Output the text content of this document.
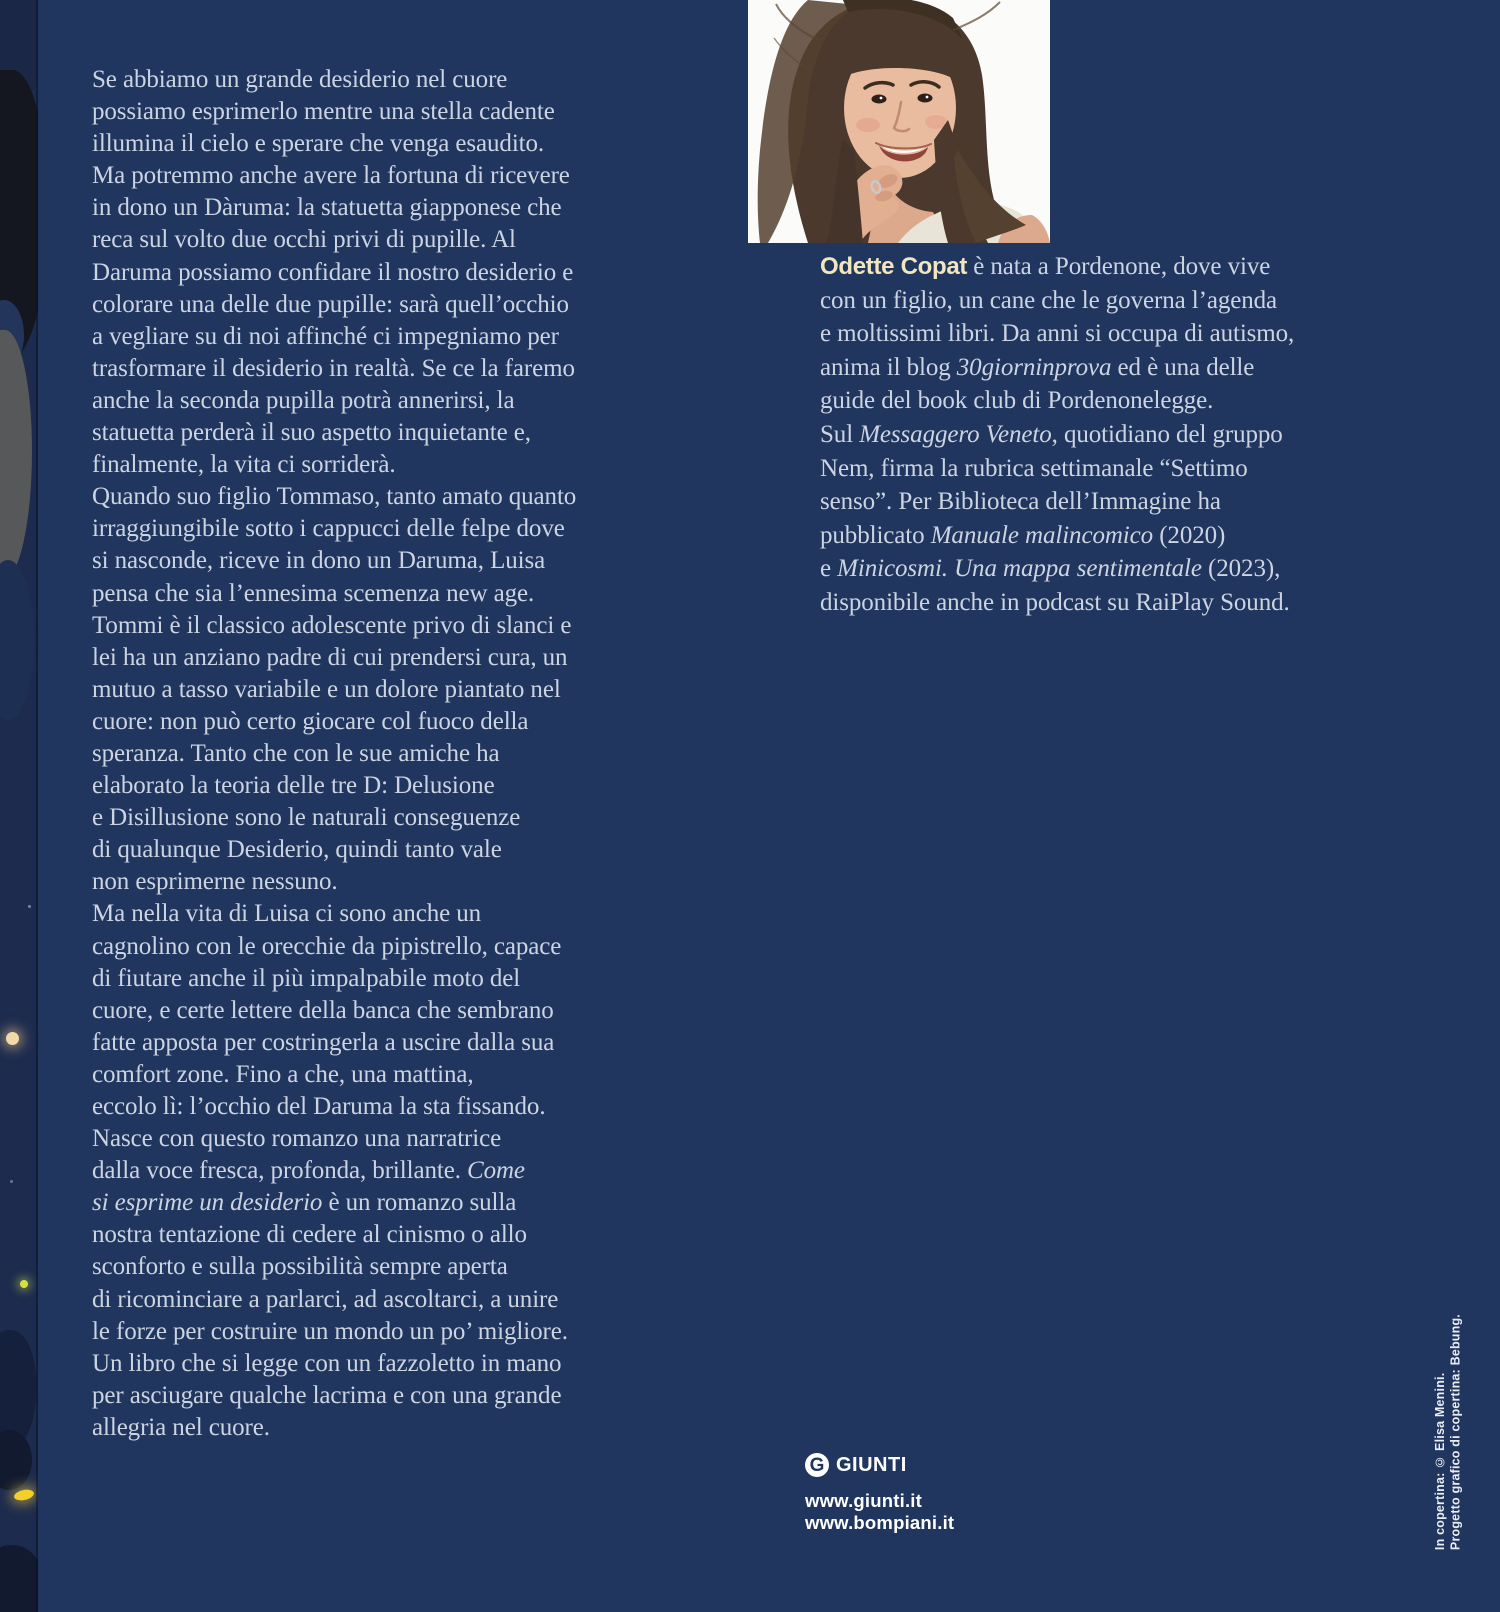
Se abbiamo un grande desiderio nel cuore
possiamo esprimerlo mentre una stella cadente
illumina il cielo e sperare che venga esaudito.
Ma potremmo anche avere la fortuna di ricevere
in dono un Dàruma: la statuetta giapponese che
reca sul volto due occhi privi di pupille. Al
Daruma possiamo confidare il nostro desiderio e
colorare una delle due pupille: sarà quell’occhio
a vegliare su di noi affinché ci impegniamo per
trasformare il desiderio in realtà. Se ce la faremo
anche la seconda pupilla potrà annerirsi, la
statuetta perderà il suo aspetto inquietante e,
finalmente, la vita ci sorriderà.
Quando suo figlio Tommaso, tanto amato quanto
irraggiungibile sotto i cappucci delle felpe dove
si nasconde, riceve in dono un Daruma, Luisa
pensa che sia l’ennesima scemenza new age.
Tommi è il classico adolescente privo di slanci e
lei ha un anziano padre di cui prendersi cura, un
mutuo a tasso variabile e un dolore piantato nel
cuore: non può certo giocare col fuoco della
speranza. Tanto che con le sue amiche ha
elaborato la teoria delle tre D: Delusione
e Disillusione sono le naturali conseguenze
di qualunque Desiderio, quindi tanto vale
non esprimerne nessuno.
Ma nella vita di Luisa ci sono anche un
cagnolino con le orecchie da pipistrello, capace
di fiutare anche il più impalpabile moto del
cuore, e certe lettere della banca che sembrano
fatte apposta per costringerla a uscire dalla sua
comfort zone. Fino a che, una mattina,
eccolo lì: l’occhio del Daruma la sta fissando.
Nasce con questo romanzo una narratrice
dalla voce fresca, profonda, brillante. Come
si esprime un desiderio è un romanzo sulla
nostra tentazione di cedere al cinismo o allo
sconforto e sulla possibilità sempre aperta
di ricominciare a parlarci, ad ascoltarci, a unire
le forze per costruire un mondo un po’ migliore.
Un libro che si legge con un fazzoletto in mano
per asciugare qualche lacrima e con una grande
allegria nel cuore.
Odette Copat è nata a Pordenone, dove vive
con un figlio, un cane che le governa l’agenda
e moltissimi libri. Da anni si occupa di autismo,
anima il blog 30giorninprova ed è una delle
guide del book club di Pordenonelegge.
Sul Messaggero Veneto, quotidiano del gruppo
Nem, firma la rubrica settimanale “Settimo
senso”. Per Biblioteca dell’Immagine ha
pubblicato Manuale malincomico (2020)
e Minicosmi. Una mappa sentimentale (2023),
disponibile anche in podcast su RaiPlay Sound.
G GIUNTI
www.giunti.it
www.bompiani.it	In copertina: © Elisa Menini. Progetto grafico di copertina: Bebung.
